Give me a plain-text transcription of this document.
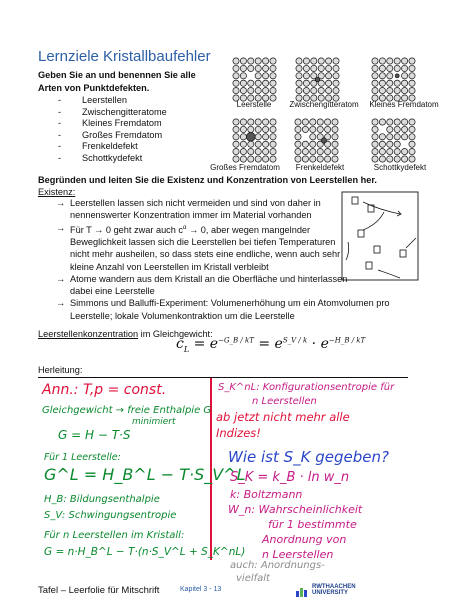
Lernziele Kristallbaufehler
Geben Sie an und benennen Sie alle
Arten von Punktdefekten.
-	Leerstellen
-	Zwischengitteratome
-	Kleines Fremdatom
-	Großes Fremdatom
-	Frenkeldefekt
-	Schottkydefekt
Leerstelle	Zwischengitteratom	Kleines Fremdatom
Großes Fremdatom	Frenkeldefekt	Schottkydefekt
Begründen und leiten Sie die Existenz und Konzentration von Leerstellen her.
Existenz:
→ Leerstellen lassen sich nicht vermeiden und sind von daher in
nennenswerter Konzentration immer im Material vorhanden
→ Für T → 0 geht zwar auch $c^\alpha \to 0$, aber wegen mangelnder
Beweglichkeit lassen sich die Leerstellen bei tiefen Temperaturen
nicht mehr ausheilen, so dass stets eine endliche, wenn auch sehr
kleine Anzahl von Leerstellen im Kristall verbleibt
→ Atome wandern aus dem Kristall an die Oberfläche und hinterlassen
dabei eine Leerstelle
→ Simmons und Balluffi-Experiment: Volumenerhöhung um ein Atomvolumen pro
Leerstelle; lokale Volumenkontraktion um die Leerstelle
Leerstellenkonzentration im Gleichgewicht:
$c_L = e^{-G\_B / kT} = e^{S\_V / k} \cdot e^{-H\_B / kT}$
Herleitung:
Ann.: T,p = const.
Gleichgewicht → freie Enthalpie G
minimiert
G = H − T·S
Für 1 Leerstelle:
G^L = H_B^L − T·S_V^L
H_B: Bildungsenthalpie
S_V: Schwingungsentropie
Für n Leerstellen im Kristall:
G = n·H_B^L − T·(n·S_V^L + S_K^nL)
S_K^nL: Konfigurationsentropie für
n Leerstellen
ab jetzt nicht mehr alle
Indizes!
Wie ist S_K gegeben?
S_K = k_B · ln w_n
k: Boltzmann
W_n: Wahrscheinlichkeit
für 1 bestimmte
Anordnung von
n Leerstellen
auch: Anordnungs-
vielfalt
Tafel – Leerfolie für Mitschrift	Kapitel 3 - 13	RWTHAACHEN UNIVERSITY
